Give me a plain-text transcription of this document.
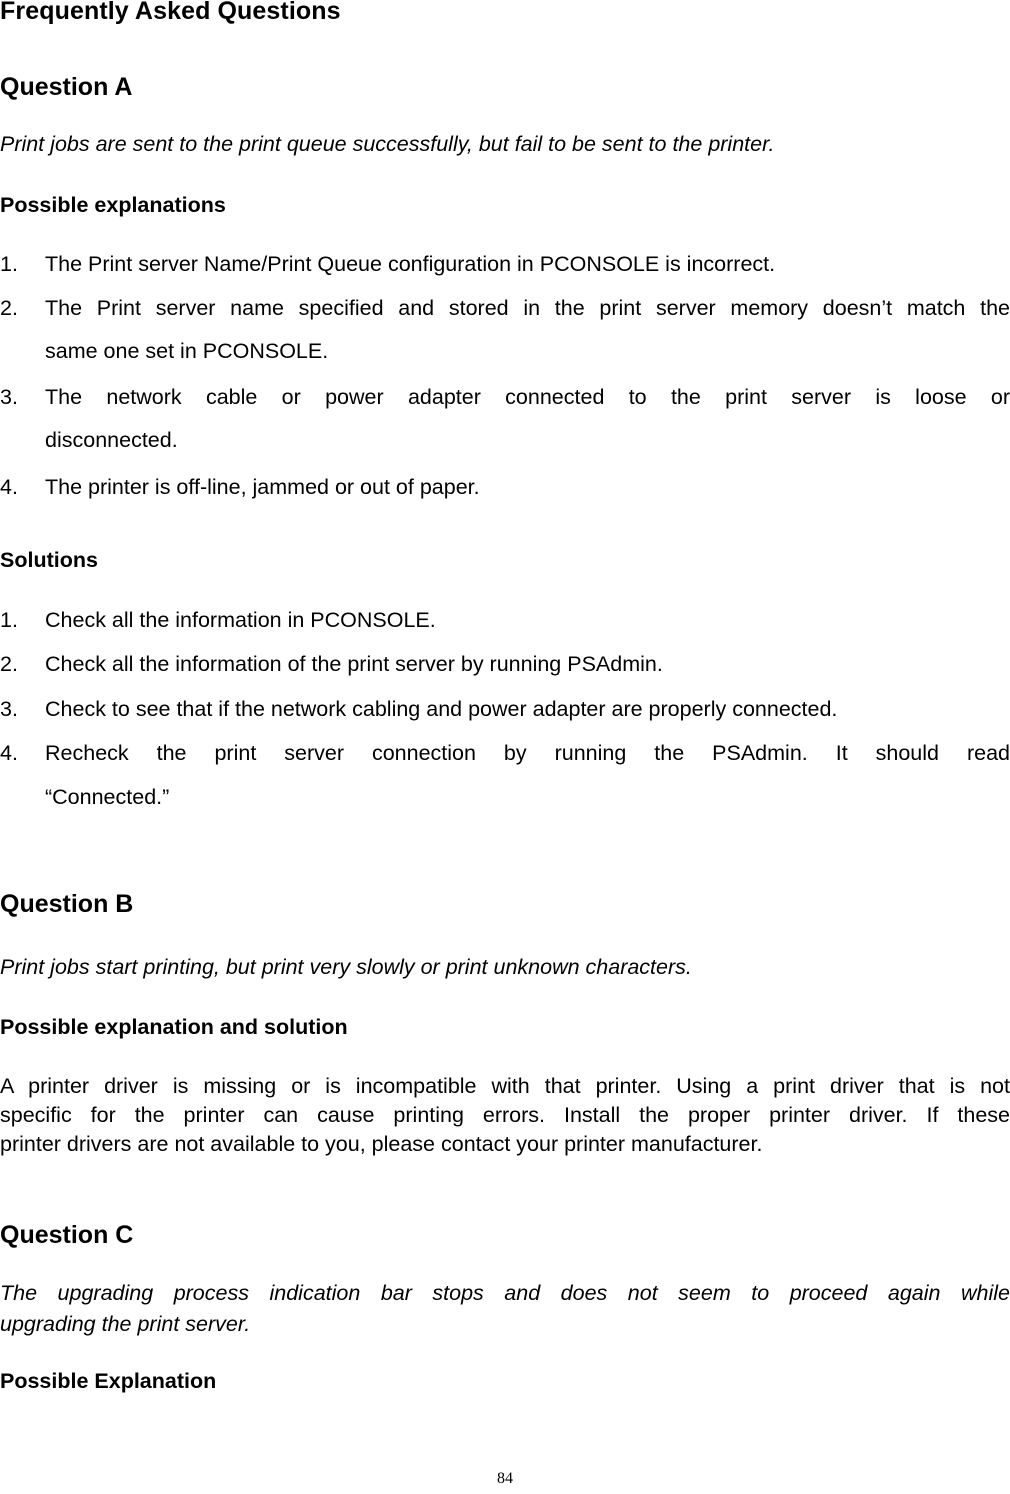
Frequently Asked Questions
Question A
Print jobs are sent to the print queue successfully, but fail to be sent to the printer.
Possible explanations
1.	The Print server Name/Print Queue configuration in PCONSOLE is incorrect.
2.	The Print server name specified and stored in the print server memory doesn’t match the
same one set in PCONSOLE.
3.	The network cable or power adapter connected to the print server is loose or
disconnected.
4.	The printer is off-line, jammed or out of paper.
Solutions
1.	Check all the information in PCONSOLE.
2.	Check all the information of the print server by running PSAdmin.
3.	Check to see that if the network cabling and power adapter are properly connected.
4.	Recheck the print server connection by running the PSAdmin. It should read
“Connected.”
Question B
Print jobs start printing, but print very slowly or print unknown characters.
Possible explanation and solution
A printer driver is missing or is incompatible with that printer. Using a print driver that is not
specific for the printer can cause printing errors. Install the proper printer driver. If these
printer drivers are not available to you, please contact your printer manufacturer.
Question C
The upgrading process indication bar stops and does not seem to proceed again while
upgrading the print server.
Possible Explanation
84
